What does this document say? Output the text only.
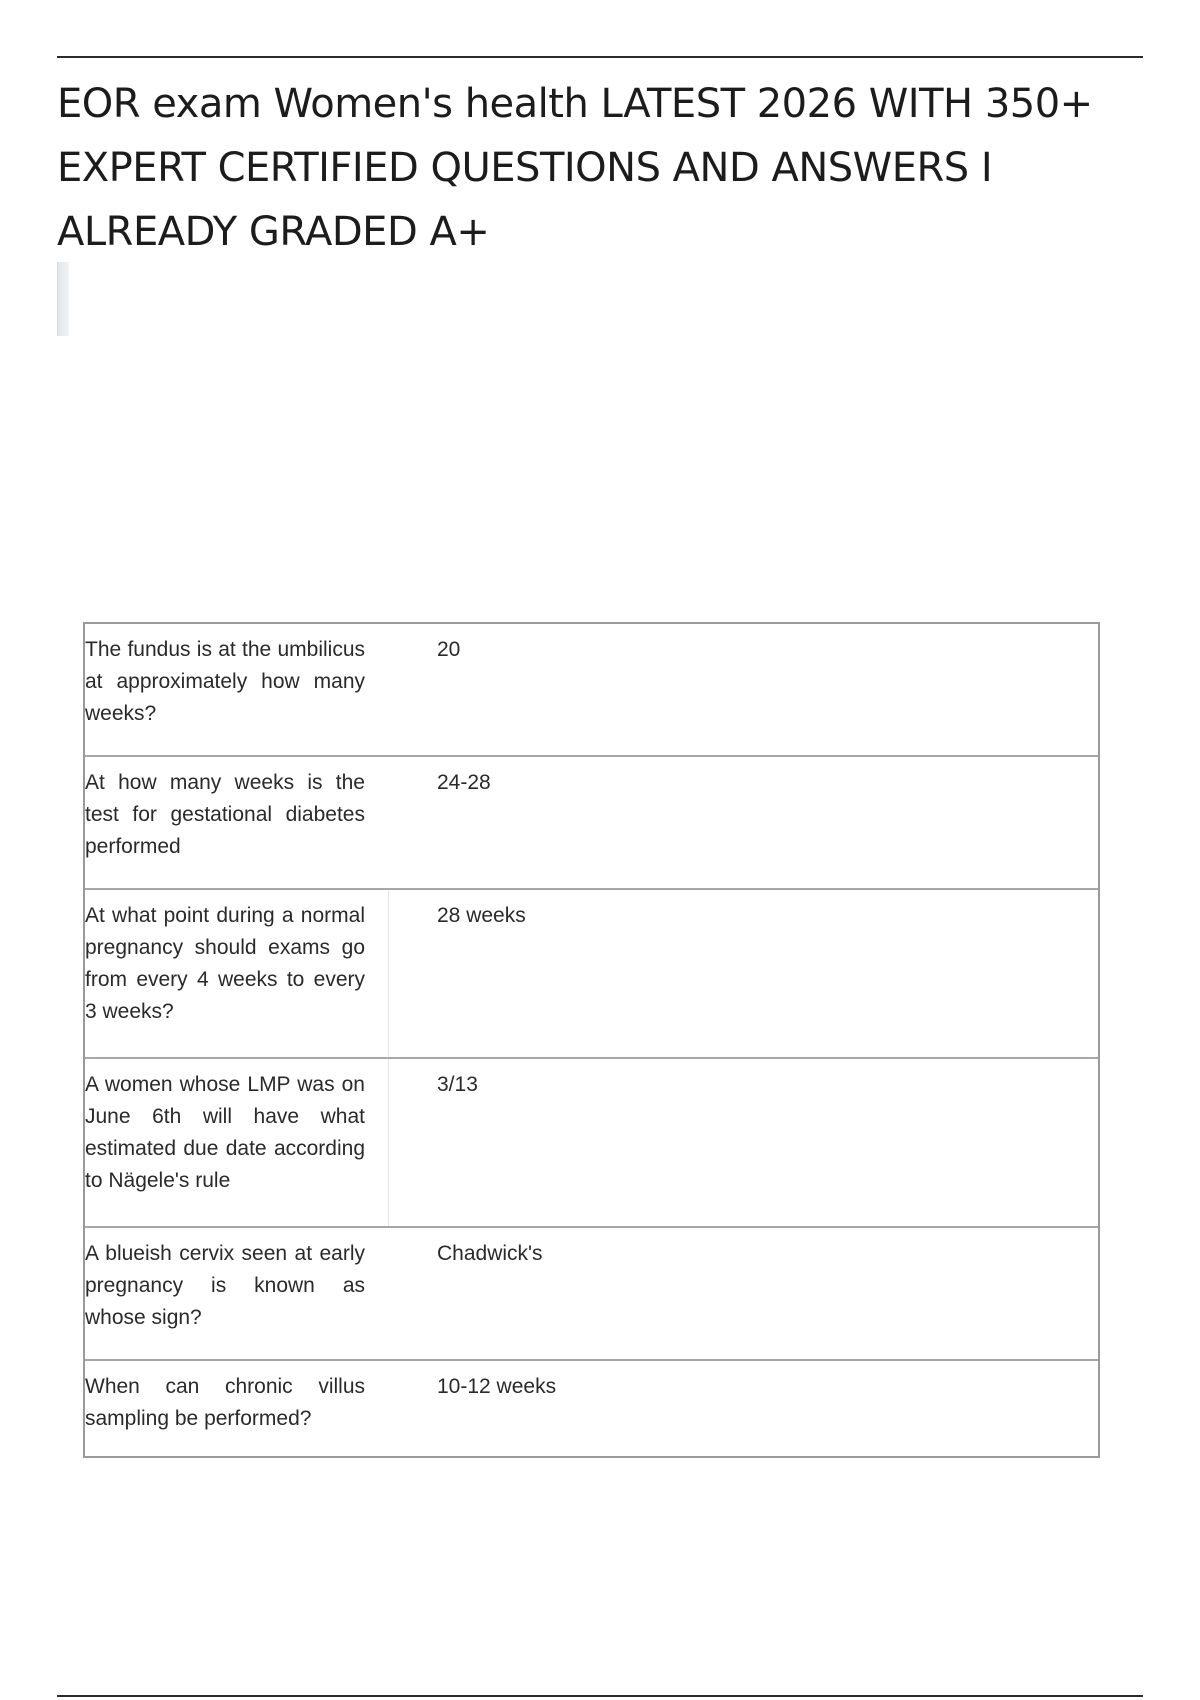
EOR exam Women's health LATEST 2026 WITH 350+ EXPERT CERTIFIED QUESTIONS AND ANSWERS I ALREADY GRADED A+
The fundus is at the umbilicus at approximately how many weeks?
20
At how many weeks is the test for gestational diabetes performed
24-28
At what point during a normal pregnancy should exams go from every 4 weeks to every 3 weeks?
28 weeks
A women whose LMP was on June 6th will have what estimated due date according to Nägele's rule
3/13
A blueish cervix seen at early pregnancy is known as whose sign?
Chadwick's
When can chronic villus sampling be performed?
10-12 weeks
